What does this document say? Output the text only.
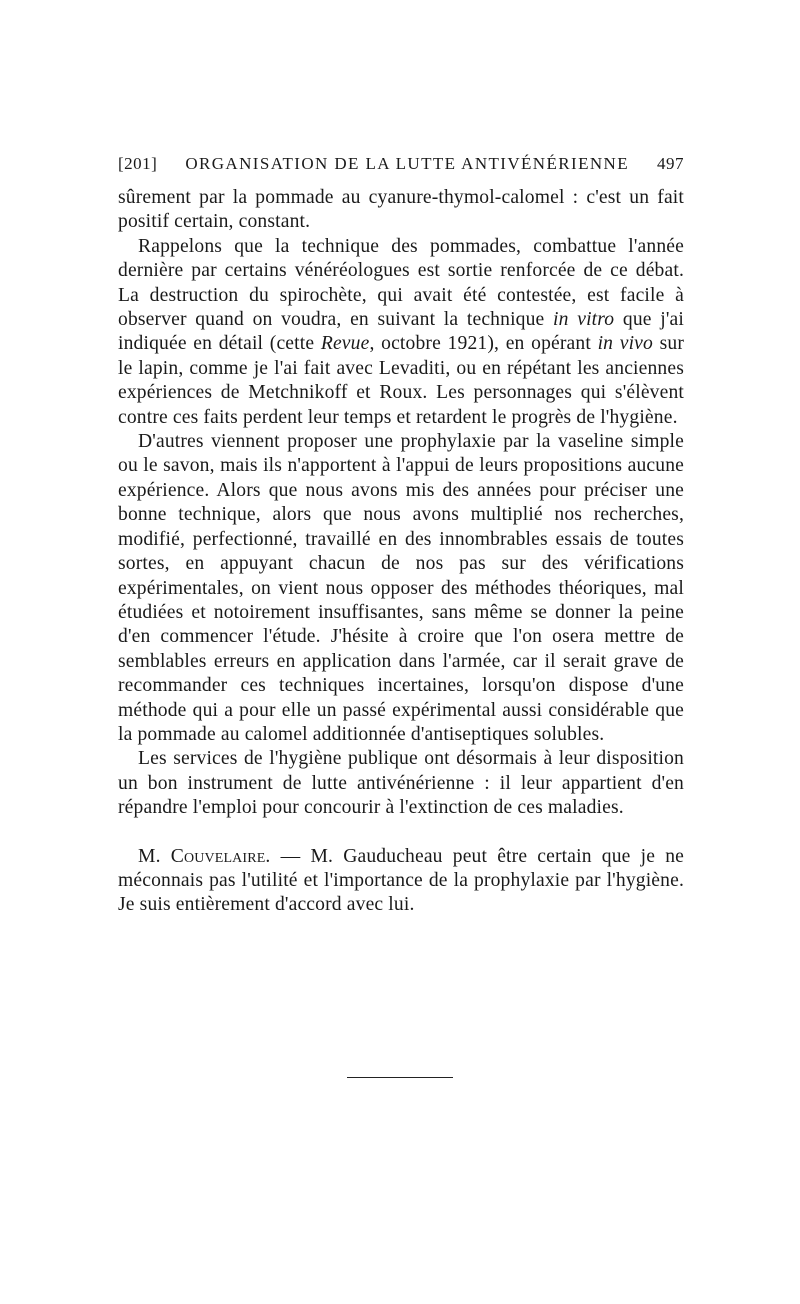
[201] ORGANISATION DE LA LUTTE ANTIVÉNÉRIENNE 497

sûrement par la pommade au cyanure-thymol-calomel : c'est un fait positif certain, constant.

Rappelons que la technique des pommades, combattue l'année dernière par certains vénéréologues est sortie renforcée de ce débat. La destruction du spirochète, qui avait été contestée, est facile à observer quand on voudra, en suivant la technique in vitro que j'ai indiquée en détail (cette Revue, octobre 1921), en opérant in vivo sur le lapin, comme je l'ai fait avec Levaditi, ou en répétant les anciennes expériences de Metchnikoff et Roux. Les personnages qui s'élèvent contre ces faits perdent leur temps et retardent le progrès de l'hygiène.

D'autres viennent proposer une prophylaxie par la vaseline simple ou le savon, mais ils n'apportent à l'appui de leurs propositions aucune expérience. Alors que nous avons mis des années pour préciser une bonne technique, alors que nous avons multiplié nos recherches, modifié, perfectionné, travaillé en des innombrables essais de toutes sortes, en appuyant chacun de nos pas sur des vérifications expérimentales, on vient nous opposer des méthodes théoriques, mal étudiées et notoirement insuffisantes, sans même se donner la peine d'en commencer l'étude. J'hésite à croire que l'on osera mettre de semblables erreurs en application dans l'armée, car il serait grave de recommander ces techniques incertaines, lorsqu'on dispose d'une méthode qui a pour elle un passé expérimental aussi considérable que la pommade au calomel additionnée d'antiseptiques solubles.

Les services de l'hygiène publique ont désormais à leur disposition un bon instrument de lutte antivénérienne : il leur appartient d'en répandre l'emploi pour concourir à l'extinction de ces maladies.

M. Couvelaire. — M. Gauducheau peut être certain que je ne méconnais pas l'utilité et l'importance de la prophylaxie par l'hygiène. Je suis entièrement d'accord avec lui.
